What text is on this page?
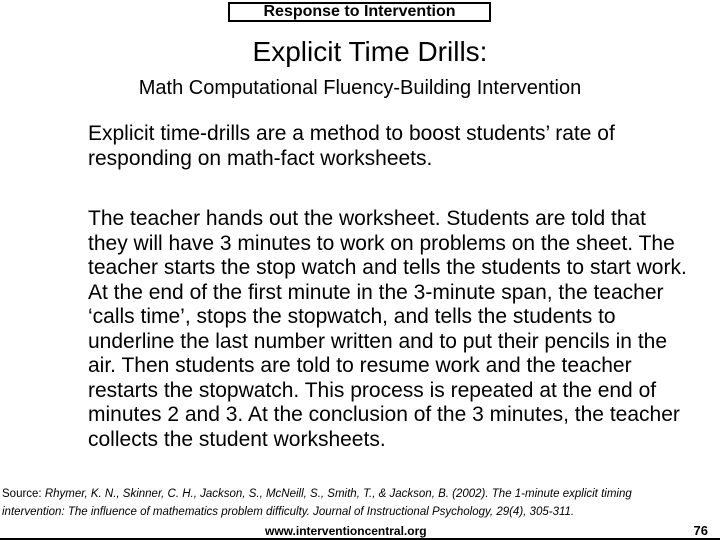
Response to Intervention
Explicit Time Drills:
Math Computational Fluency-Building Intervention

Explicit time-drills are a method to boost students’ rate of responding on math-fact worksheets.

The teacher hands out the worksheet. Students are told that they will have 3 minutes to work on problems on the sheet. The teacher starts the stop watch and tells the students to start work. At the end of the first minute in the 3-minute span, the teacher ‘calls time’, stops the stopwatch, and tells the students to underline the last number written and to put their pencils in the air. Then students are told to resume work and the teacher restarts the stopwatch. This process is repeated at the end of minutes 2 and 3. At the conclusion of the 3 minutes, the teacher collects the student worksheets.

Source: Rhymer, K. N., Skinner, C. H., Jackson, S., McNeill, S., Smith, T., & Jackson, B. (2002). The 1-minute explicit timing intervention: The influence of mathematics problem difficulty. Journal of Instructional Psychology, 29(4), 305-311.

www.interventioncentral.org	76
